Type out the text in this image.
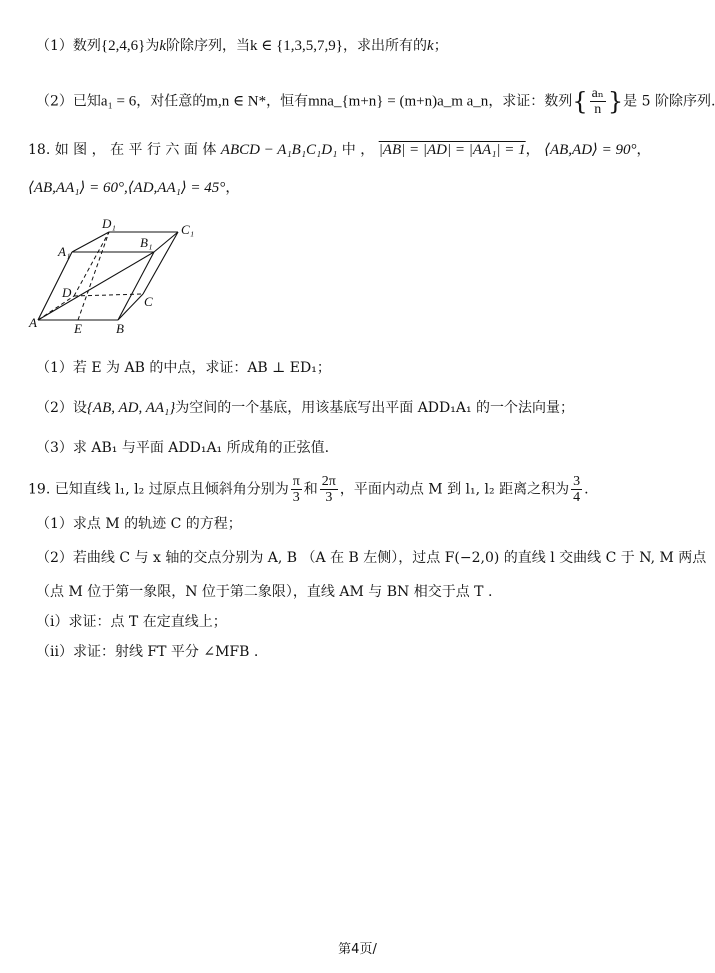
（1）数列{2,4,6}为k阶除序列，当k ∈ {1,3,5,7,9}，求出所有的k；
（2）已知a₁ = 6，对任意的m,n ∈ N*，恒有mna_{m+n} = (m+n)a_m a_n，求证：数列{ $\frac{\text{aₙ}}{n}$ }是 5 阶除序列.
18. 如 图 ， 在 平 行 六 面 体 ABCD − A₁B₁C₁D₁ 中 ， |AB| = |AD| = |AA₁| = 1， ⟨AB,AD⟩ = 90°，
⟨AB,AA₁⟩ = 60°,⟨AD,AA₁⟩ = 45°，
D₁	C₁
A₁
B₁
D
C
A	E	B
（1）若 E 为 AB 的中点，求证：AB ⊥ ED₁；
（2）设{AB, AD, AA₁}为空间的一个基底，用该基底写出平面 ADD₁A₁ 的一个法向量；
（3）求 AB₁ 与平面 ADD₁A₁ 所成角的正弦值.
19. 已知直线 l₁, l₂ 过原点且倾斜角分别为 $\frac{\pi}{3}$ 和 $\frac{2\pi}{3}$ ，平面内动点 M 到 l₁, l₂ 距离之积为 $\frac{3}{4}$ .
（1）求点 M 的轨迹 C 的方程；
（2）若曲线 C 与 x 轴的交点分别为 A, B （A 在 B 左侧），过点 F(−2,0) 的直线 l 交曲线 C 于 N, M 两点
（点 M 位于第一象限，N 位于第二象限），直线 AM 与 BN 相交于点 T .
（i）求证：点 T 在定直线上；
（ii）求证：射线 FT 平分 ∠MFB .
第4页/
